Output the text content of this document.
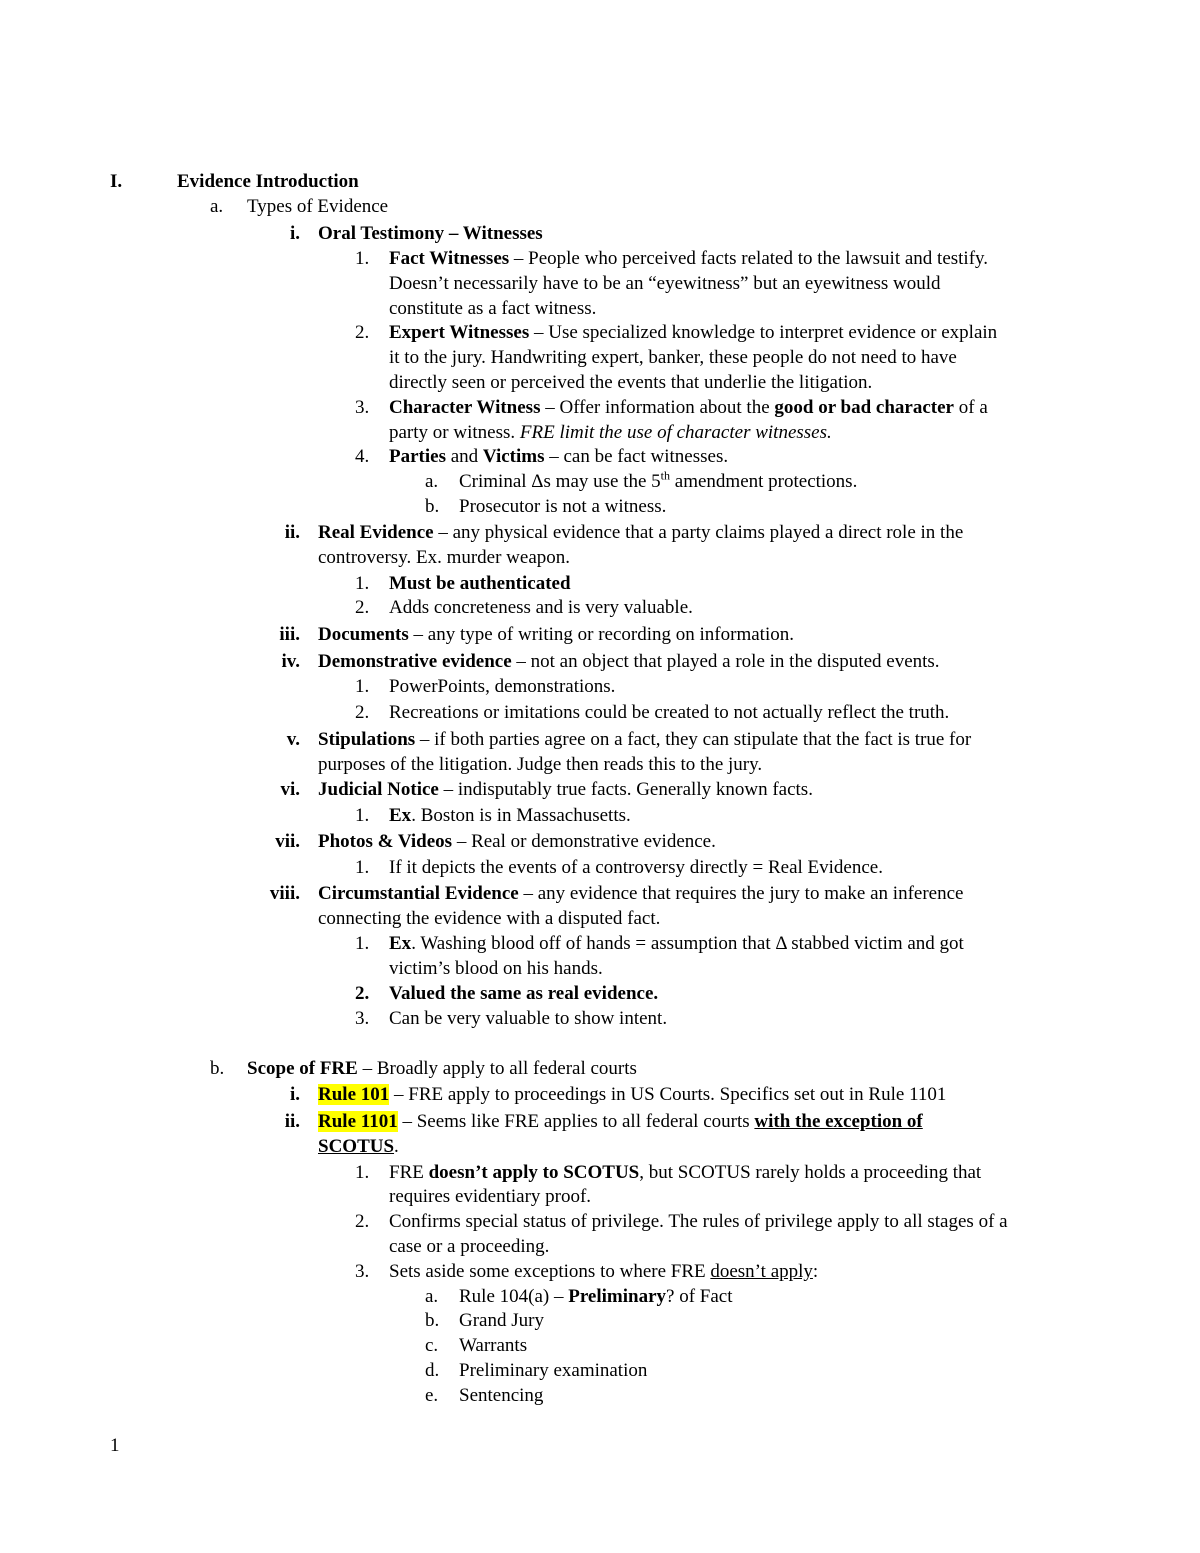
I.	Evidence Introduction
a.	Types of Evidence
i. Oral Testimony – Witnesses
1. Fact Witnesses – People who perceived facts related to the lawsuit and testify.
Doesn’t necessarily have to be an “eyewitness” but an eyewitness would
constitute as a fact witness.
2. Expert Witnesses – Use specialized knowledge to interpret evidence or explain
it to the jury. Handwriting expert, banker, these people do not need to have
directly seen or perceived the events that underlie the litigation.
3. Character Witness – Offer information about the good or bad character of a
party or witness. FRE limit the use of character witnesses.
4. Parties and Victims – can be fact witnesses.
a. Criminal Δs may use the 5th amendment protections.
b. Prosecutor is not a witness.
ii. Real Evidence – any physical evidence that a party claims played a direct role in the
controversy. Ex. murder weapon.
1. Must be authenticated
2. Adds concreteness and is very valuable.
iii. Documents – any type of writing or recording on information.
iv. Demonstrative evidence – not an object that played a role in the disputed events.
1. PowerPoints, demonstrations.
2. Recreations or imitations could be created to not actually reflect the truth.
v. Stipulations – if both parties agree on a fact, they can stipulate that the fact is true for
purposes of the litigation. Judge then reads this to the jury.
vi. Judicial Notice – indisputably true facts. Generally known facts.
1. Ex. Boston is in Massachusetts.
vii. Photos & Videos – Real or demonstrative evidence.
1. If it depicts the events of a controversy directly = Real Evidence.
viii. Circumstantial Evidence – any evidence that requires the jury to make an inference
connecting the evidence with a disputed fact.
1. Ex. Washing blood off of hands = assumption that Δ stabbed victim and got
victim’s blood on his hands.
2. Valued the same as real evidence.
3. Can be very valuable to show intent.
b.	Scope of FRE – Broadly apply to all federal courts
i. Rule 101 – FRE apply to proceedings in US Courts. Specifics set out in Rule 1101
ii. Rule 1101 – Seems like FRE applies to all federal courts with the exception of
SCOTUS.
1. FRE doesn’t apply to SCOTUS, but SCOTUS rarely holds a proceeding that
requires evidentiary proof.
2. Confirms special status of privilege. The rules of privilege apply to all stages of a
case or a proceeding.
3. Sets aside some exceptions to where FRE doesn’t apply:
a. Rule 104(a) – Preliminary? of Fact
b. Grand Jury
c. Warrants
d. Preliminary examination
e. Sentencing
1
